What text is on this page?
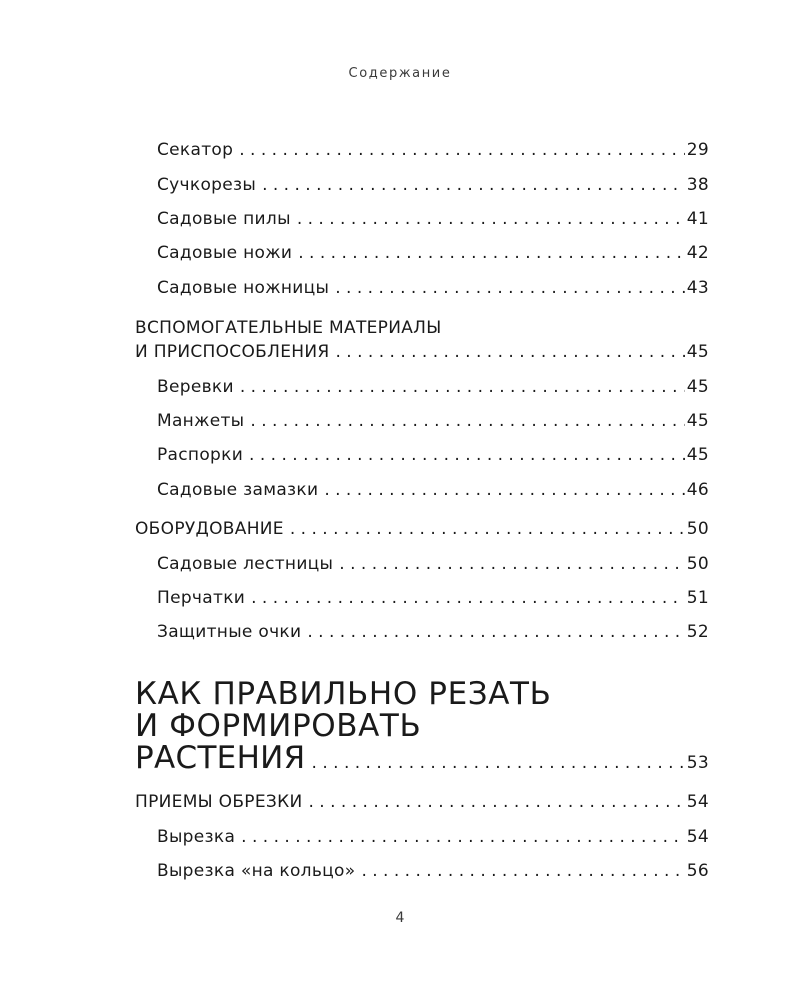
Содержание
Секатор . . .	29
Сучкорезы . . .	38
Садовые пилы . . .	41
Садовые ножи . . .	42
Садовые ножницы . . .	43
ВСПОМОГАТЕЛЬНЫЕ МАТЕРИАЛЫ
И ПРИСПОСОБЛЕНИЯ . . .	45
Веревки . . .	45
Манжеты . . .	45
Распорки . . .	45
Садовые замазки . . .	46
ОБОРУДОВАНИЕ . . .	50
Садовые лестницы . . .	50
Перчатки . . .	51
Защитные очки . . .	52
КАК ПРАВИЛЬНО РЕЗАТЬ
И ФОРМИРОВАТЬ
РАСТЕНИЯ . . .	53
ПРИЕМЫ ОБРЕЗКИ . . .	54
Вырезка . . .	54
Вырезка «на кольцо» . . .	56
4
